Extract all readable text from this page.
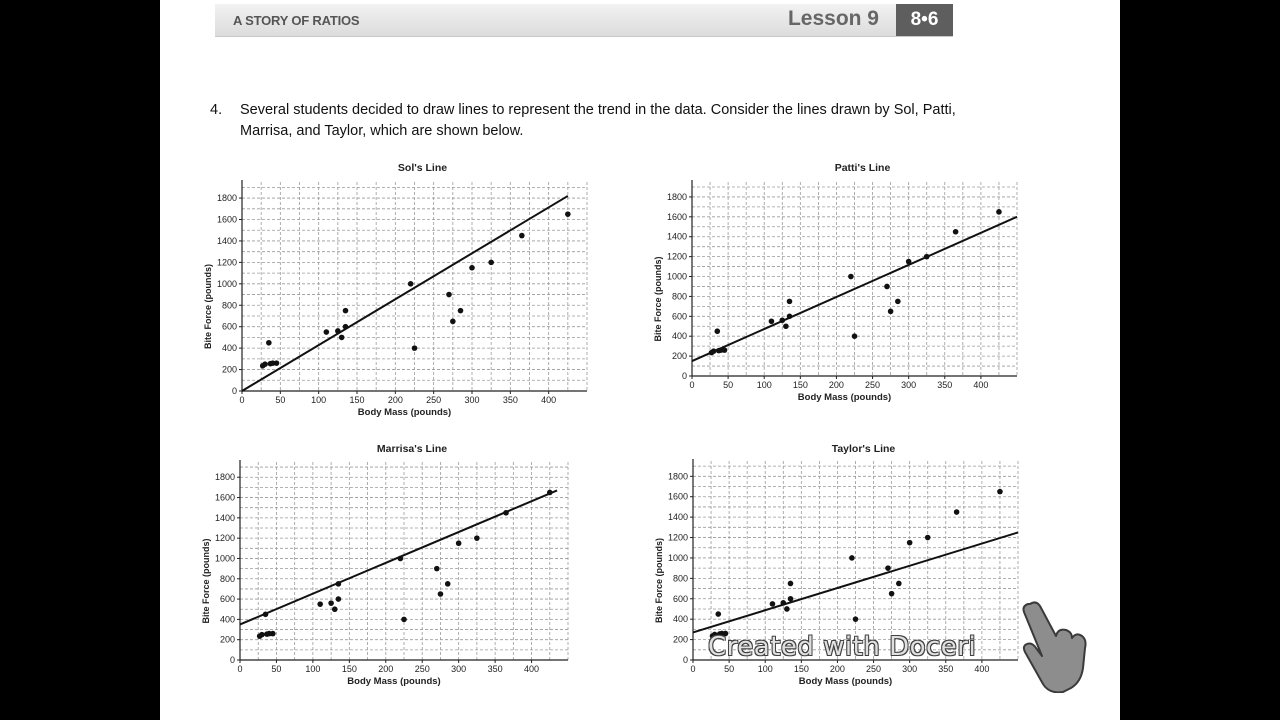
A STORY OF RATIOS	Lesson 9	8•6
4. Several students decided to draw lines to represent the trend in the data. Consider the lines drawn by Sol, Patti, Marrisa, and Taylor, which are shown below.
0	50	100	150	200	250	300	350	400
0
200
400
600
800
1000
1200
1400
1600
1800
Sol's Line
Body Mass (pounds)
Bite Force (pounds)
0	50	100 150 200 250 300 350 400
0
200
400
600
800
1000
1200
1400
1600
1800
Patti's Line
Body Mass (pounds)
Bite Force (pounds)
0	50	100 150 200 250 300 350 400
0
200
400
600
800
1000
1200
1400
1600
1800
Marrisa's Line
Body Mass (pounds)
Bite Force (pounds)
0	50	100 150 200 250 300 350 400
0
200
400
600
800
1000
1200
1400
1600
1800
Taylor's Line
Body Mass (pounds)
Bite Force (pounds)
Created with Doceri
